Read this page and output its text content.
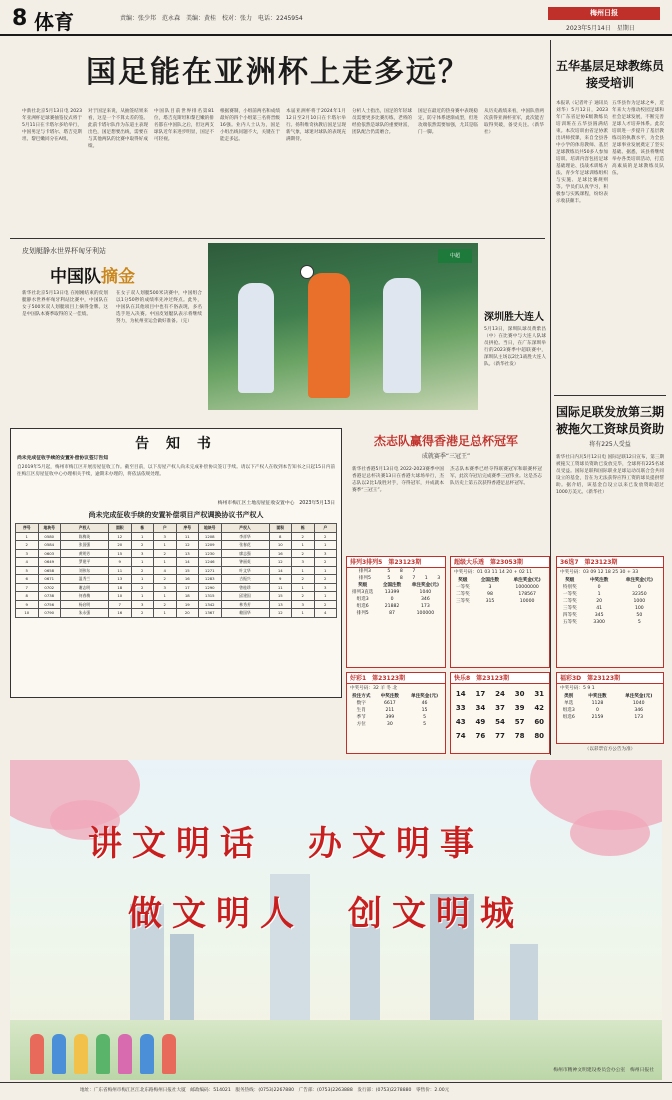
8 体育	责编：张少邦　范永森　美编：黄桂　校对：张力　电话：2245954
梅州日报
2023年5月14日　星期日
国足能在亚洲杯上走多远？
中新社北京5月13日电 2023年亚洲杯足球赛抽签仪式将于5月11日在卡塔尔多哈举行，中国男足与卡塔尔、塔吉克斯坦、黎巴嫩同分在A组。
对于国足来说，从抽签结果来看，这是一个不算太差的签。此前卡塔尔队作为东道主表现出色，国足想要出线，需要在与其他两队的比赛中取得好成绩。
中国队目前世界排名第81位，塔吉克斯坦和黎巴嫩的排名都在中国队之后，但这两支球队近年来进步明显，国足不可轻视。
根据赛制，小组前两名和成绩最好的四个小组第三名将晋级16强。业内人士认为，国足小组出线问题不大，关键在于能走多远。
本届亚洲杯将于2024年1月12日至2月10日在卡塔尔举行。扬科维奇执教后国足呈现新气象，球迷对球队的表现充满期待。
分析人士指出，国足的年轻球员需要更多比赛历练，老将的经验依然是球队的重要财富，团队配合仍需磨合。
国足在最近的热身赛中表现稳定，防守体系逐渐成型，但进攻端依然需要加强，尤其是临门一脚。
从历史战绩来看，中国队曾两次获得亚洲杯亚军，此次能否取得突破，备受关注。（新华社）
五华基层足球教练员接受培训
本报讯（记者叶子 通讯员 刘华）5月12日，2023年广东省足协E级教练员培训班在五华县圆满结束。本次培训由省足协派出讲师授课，来自全县各中小学的体育教师、基层足球教练员共50多人参加培训。培训内容包括足球基础理论、技战术训练方法、青少年足球训练组织与实施、足球比赛规则等。学员们认真学习，积极参与实践课程，纷纷表示收获颇丰。
五华县作为足球之乡，近年来大力推动校园足球和社会足球发展，不断完善足球人才培养体系。此次培训进一步提升了基层教练员的执教水平，为全县足球事业发展奠定了坚实基础。据悉，该县将继续举办各类培训活动，打造高素质的足球教练员队伍。
国际足联发放第三期被拖欠工资球员资助
将有225人受益
新华社日内瓦5月12日电 国际足联12日宣布，第三期被拖欠工资球员资助已发放完毕，全球将有225名球员受益。国际足联和国际职业足球运动员联合会共同设立的基金，旨在为无法获得应得工资的球员提供帮助。据介绍，该基金自设立以来已发放资助超过1000万美元。（新华社）
皮划艇静水世界杯匈牙利站
中国队摘金
新华社北京5月13日电 在刚刚结束的皮划艇静水世界杯匈牙利站比赛中，中国队在女子500米双人划艇项目上摘得金牌。这是中国队本赛季取得的又一佳绩。
在女子双人划艇500米决赛中，中国组合以1分50秒的成绩率先冲过终点。此外，中国队在其他项目中也有不俗表现，多名选手进入决赛。中国皮划艇队表示将继续努力，为杭州亚运会做好准备。（完）
中超
深圳胜大连人
5月13日，深圳队球员黄紫昌（中）在比赛中与大连人队球员拼抢。当日，在广东深圳举行的2023赛季中超联赛中，深圳队主场以2比1战胜大连人队。（新华社发）
告 知 书
尚未完成征收手续的安置补偿协议签订告知
自2019年5月起，梅州市梅江区开展房屋征收工作。截至目前，以下房屋产权人尚未完成补偿协议签订手续。请以下产权人在收到本告知书之日起15日内前往梅江区房屋征收中心办理相关手续，逾期未办理的，将依法依规处理。
梅州市梅江区土地房屋征收安置中心　2023年5月13日
尚未完成征收手续的安置补偿项目产权调换协议书产权人
序号	地块号	产权人	面积	栋	户	序号	地块号	产权人	面积	栋	户
1	0580	陈梅英	12	1	3	11	1208	李祥华	8	2	2
2	0584	张国强	20	2	1	12	1209	张春花	10	1	1
3	0603	黄明芳	15	3	2	13	1230	廖志强	16	2	3
4	0649	罗建平	9	1	1	14	1246	钟丽英	12	3	2
5	0658	刘伟东	11	2	4	15	1271	叶文华	14	1	1
6	0671	温秀兰	13	1	2	16	1283	古振兴	9	2	2
7	0702	谢志明	18	2	3	17	1290	曾桂珍	11	1	3
8	0738	何春梅	10	1	1	18	1315	邱建国	15	2	1
9	0756	杨启明	7	3	2	19	1342	林秀芳	13	3	2
10	0790	朱永强	16	2	1	20	1367	赖国华	12	1	4
杰志队赢得香港足总杯冠军
成就赛季“三冠王”
新华社香港5月13日电 2022-2023赛季中国香港足总杯决赛13日在香港大球场举行，杰志队以2比1战胜对手，夺得冠军，并成就本赛季“三冠王”。
杰志队本赛季已经夺得联赛冠军和联赛杯冠军，此次夺冠后完成赛季三冠伟业。这是杰志队历史上第五次获得香港足总杯冠军。
排列3排列5　第23123期
排列3	5	8	7		
排列5	5	8	7	1	3
奖级	全国注数	单注奖金(元)
排列3直选	13399	1040
组选3	0	346
组选6	21882	173
排列5	87	100000
超级大乐透　第23053期
中奖号码：01 03 11 14 20 + 02 11
奖级	全国注数	单注奖金(元)
一等奖	3	10000000
二等奖	98	178567
三等奖	315	10000
36选7　第23123期
中奖号码：03 09 12 18 25 30 + 33
奖级	中奖注数	单注奖金(元)
特别奖	0	0
一等奖	1	32350
二等奖	20	1000
三等奖	41	100
四等奖	345	50
五等奖	3300	5
好彩1　第23123期
中奖号码：32 羊 冬 北
投注方式	中奖注数	单注奖金(元)
数字	6617	46
生肖	211	15
季节	399	5
方位	30	5
快乐8　第23123期
14	17	24	30	31
33	34	37	39	42
43	49	54	57	60
74	76	77	78	80
福彩3D　第23123期
中奖号码：5 9 1
类别	中奖注数	单注奖金(元)
单选	1128	1040
组选3	0	346
组选6	2159	173
（以彩票官方公告为准）
讲文明话　办文明事
做文明人　创文明城
梅州市精神文明建设委员会办公室　梅州日报社
地址：广东省梅州市梅江区江北东路梅州日报社大厦　邮政编码：514021　服务热线：(0753)2267880　广告部：(0753)2263888　发行部：(0753)2278880　零售价：2.00元
